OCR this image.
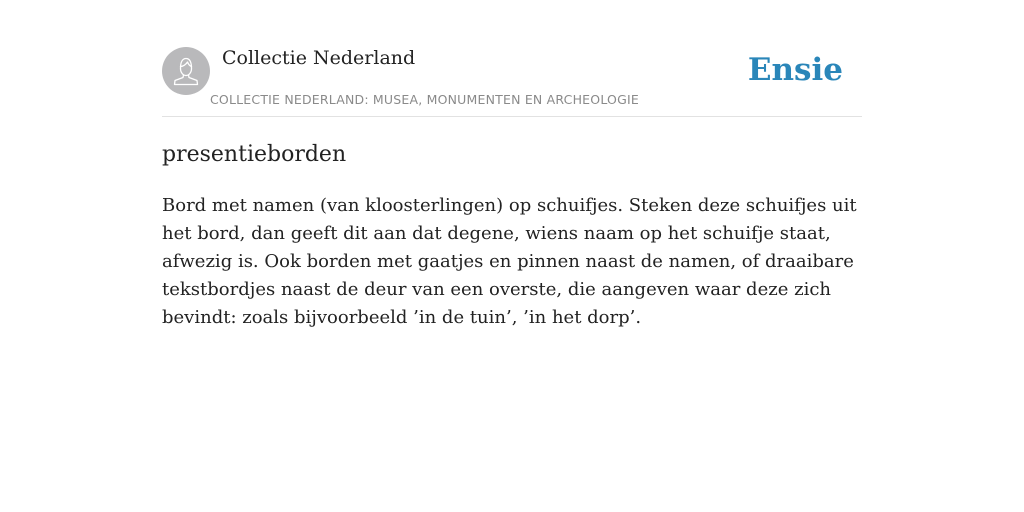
Collectie Nederland
COLLECTIE NEDERLAND: MUSEA, MONUMENTEN EN ARCHEOLOGIE
Ensie
presentieborden

Bord met namen (van kloosterlingen) op schuifjes. Steken deze schuifjes uit het bord, dan geeft dit aan dat degene, wiens naam op het schuifje staat, afwezig is. Ook borden met gaatjes en pinnen naast de namen, of draaibare tekstbordjes naast de deur van een overste, die aangeven waar deze zich bevindt: zoals bijvoorbeeld ’in de tuin’, ’in het dorp’.
